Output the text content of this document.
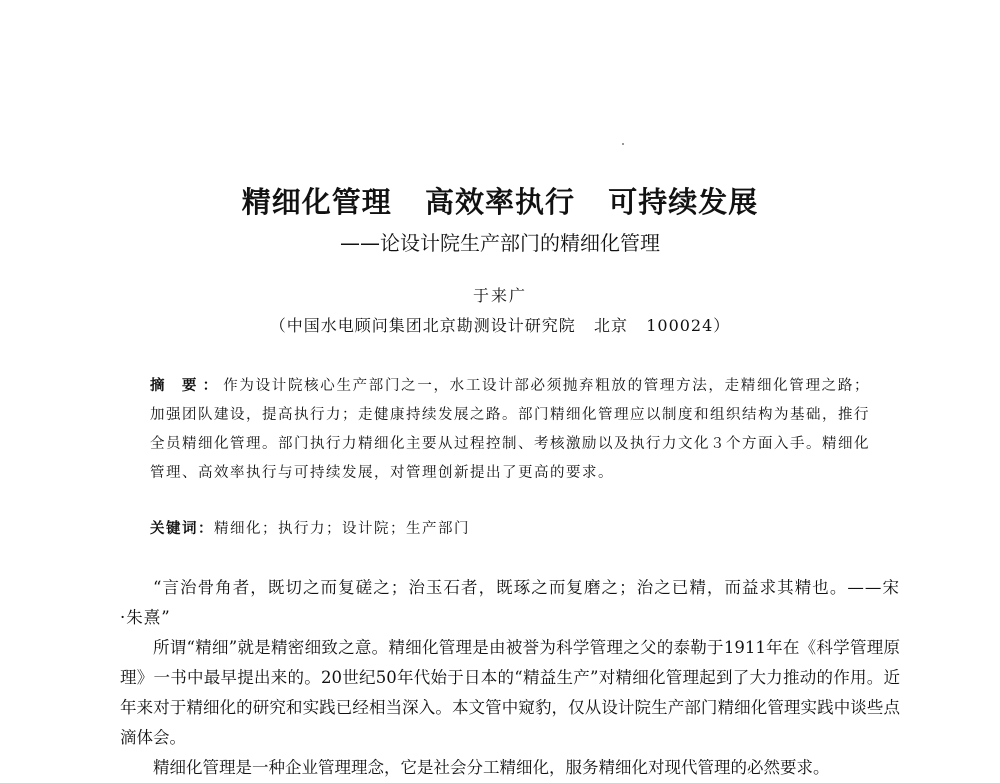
精细化管理   高效率执行   可持续发展
——论设计院生产部门的精细化管理
于来广
（中国水电顾问集团北京勘测设计研究院   北京   100024）
摘 要：作为设计院核心生产部门之一，水工设计部必须抛弃粗放的管理方法，走精细化管理之路；加强团队建设，提高执行力；走健康持续发展之路。部门精细化管理应以制度和组织结构为基础，推行全员精细化管理。部门执行力精细化主要从过程控制、考核激励以及执行力文化３个方面入手。精细化管理、高效率执行与可持续发展，对管理创新提出了更高的要求。
关键词：精细化；执行力；设计院；生产部门

“言治骨角者，既切之而复磋之；治玉石者，既琢之而复磨之；治之已精，而益求其精也。——宋·朱熹”

所谓“精细”就是精密细致之意。精细化管理是由被誉为科学管理之父的泰勒于1911年在《科学管理原理》一书中最早提出来的。20世纪50年代始于日本的“精益生产”对精细化管理起到了大力推动的作用。近年来对于精细化的研究和实践已经相当深入。本文管中窥豹，仅从设计院生产部门精细化管理实践中谈些点滴体会。

精细化管理是一种企业管理理念，它是社会分工精细化，服务精细化对现代管理的必然要求。
